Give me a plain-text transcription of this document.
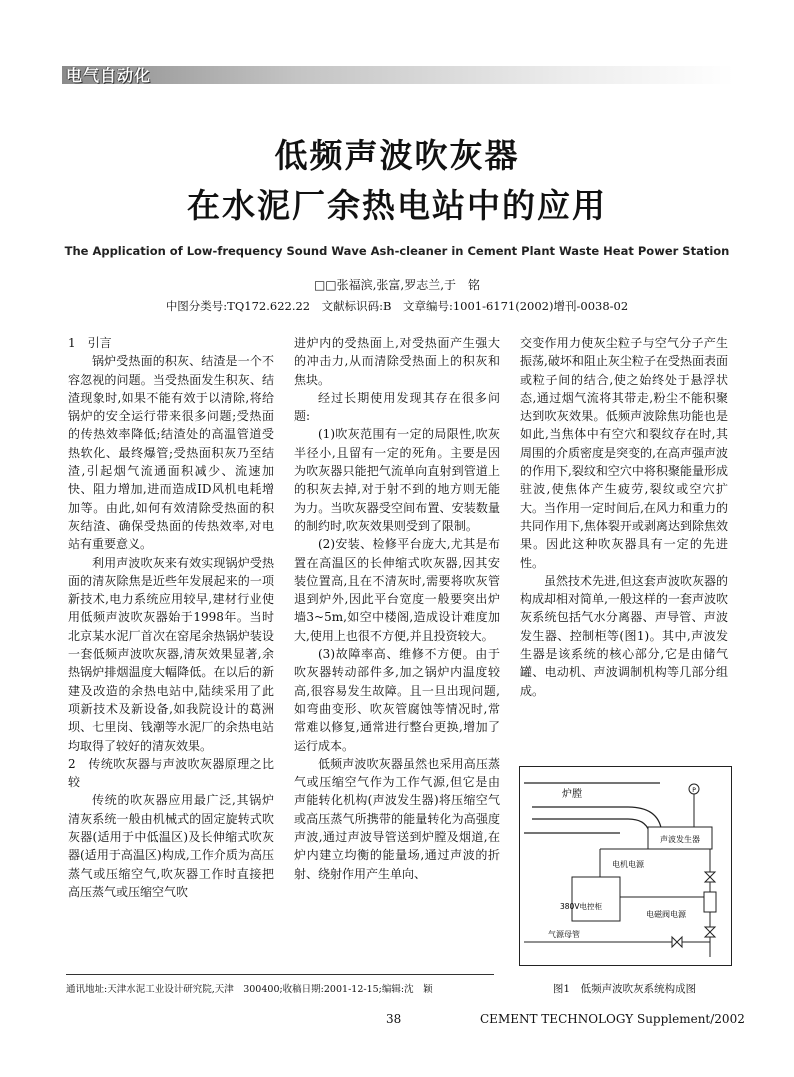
电气自动化
低频声波吹灰器
在水泥厂余热电站中的应用
The Application of Low-frequency Sound Wave Ash-cleaner in Cement Plant Waste Heat Power Station
□□张福滨,张富,罗志兰,于　铭
中图分类号:TQ172.622.22　文献标识码:B　文章编号:1001-6171(2002)增刊-0038-02

1　引言

锅炉受热面的积灰、结渣是一个不容忽视的问题。当受热面发生积灰、结渣现象时,如果不能有效于以清除,将给锅炉的安全运行带来很多问题;受热面的传热效率降低;结渣处的高温管道受热软化、最终爆管;受热面积灰乃至结渣,引起烟气流通面积减少、流速加快、阻力增加,进而造成ID风机电耗增加等。由此,如何有效清除受热面的积灰结渣、确保受热面的传热效率,对电站有重要意义。

利用声波吹灰来有效实现锅炉受热面的清灰除焦是近些年发展起来的一项新技术,电力系统应用较早,建材行业使用低频声波吹灰器始于1998年。当时北京某水泥厂首次在窑尾余热锅炉装设一套低频声波吹灰器,清灰效果显著,余热锅炉排烟温度大幅降低。在以后的新建及改造的余热电站中,陆续采用了此项新技术及新设备,如我院设计的葛洲坝、七里岗、钱潮等水泥厂的余热电站均取得了较好的清灰效果。

2　传统吹灰器与声波吹灰器原理之比较

传统的吹灰器应用最广泛,其锅炉清灰系统一般由机械式的固定旋转式吹灰器(适用于中低温区)及长伸缩式吹灰器(适用于高温区)构成,工作介质为高压蒸气或压缩空气,吹灰器工作时直接把高压蒸气或压缩空气吹

进炉内的受热面上,对受热面产生强大的冲击力,从而清除受热面上的积灰和焦块。

经过长期使用发现其存在很多问题:

(1)吹灰范围有一定的局限性,吹灰半径小,且留有一定的死角。主要是因为吹灰器只能把气流单向直射到管道上的积灰去掉,对于射不到的地方则无能为力。当吹灰器受空间布置、安装数量的制约时,吹灰效果则受到了限制。

(2)安装、检修平台庞大,尤其是布置在高温区的长伸缩式吹灰器,因其安装位置高,且在不清灰时,需要将吹灰管退到炉外,因此平台宽度一般要突出炉墙3~5m,如空中楼阁,造成设计难度加大,使用上也很不方便,并且投资较大。

(3)故障率高、维修不方便。由于吹灰器转动部件多,加之锅炉内温度较高,很容易发生故障。且一旦出现问题,如弯曲变形、吹灰管腐蚀等情况时,常常难以修复,通常进行整台更换,增加了运行成本。

低频声波吹灰器虽然也采用高压蒸气或压缩空气作为工作气源,但它是由声能转化机构(声波发生器)将压缩空气或高压蒸气所携带的能量转化为高强度声波,通过声波导管送到炉膛及烟道,在炉内建立均衡的能量场,通过声波的折射、绕射作用产生单向、

交变作用力使灰尘粒子与空气分子产生振荡,破坏和阻止灰尘粒子在受热面表面或粒子间的结合,使之始终处于悬浮状态,通过烟气流将其带走,粉尘不能积聚达到吹灰效果。低频声波除焦功能也是如此,当焦体中有空穴和裂纹存在时,其周围的介质密度是突变的,在高声强声波的作用下,裂纹和空穴中将积聚能量形成驻波,使焦体产生疲劳,裂纹或空穴扩大。当作用一定时间后,在风力和重力的共同作用下,焦体裂开或剥离达到除焦效果。因此这种吹灰器具有一定的先进性。

虽然技术先进,但这套声波吹灰器的构成却相对简单,一般这样的一套声波吹灰系统包括气水分离器、声导管、声波发生器、控制柜等(图1)。其中,声波发生器是该系统的核心部分,它是由储气罐、电动机、声波调制机构等几部分组成。

炉膛
声波发生器
P
电机电源
380V电控柜
电磁阀电源
气源母管
图1　低频声波吹灰系统构成图
通讯地址:天津水泥工业设计研究院,天津　300400;收稿日期:2001-12-15;编辑:沈　颖
38	CEMENT TECHNOLOGY Supplement/2002
